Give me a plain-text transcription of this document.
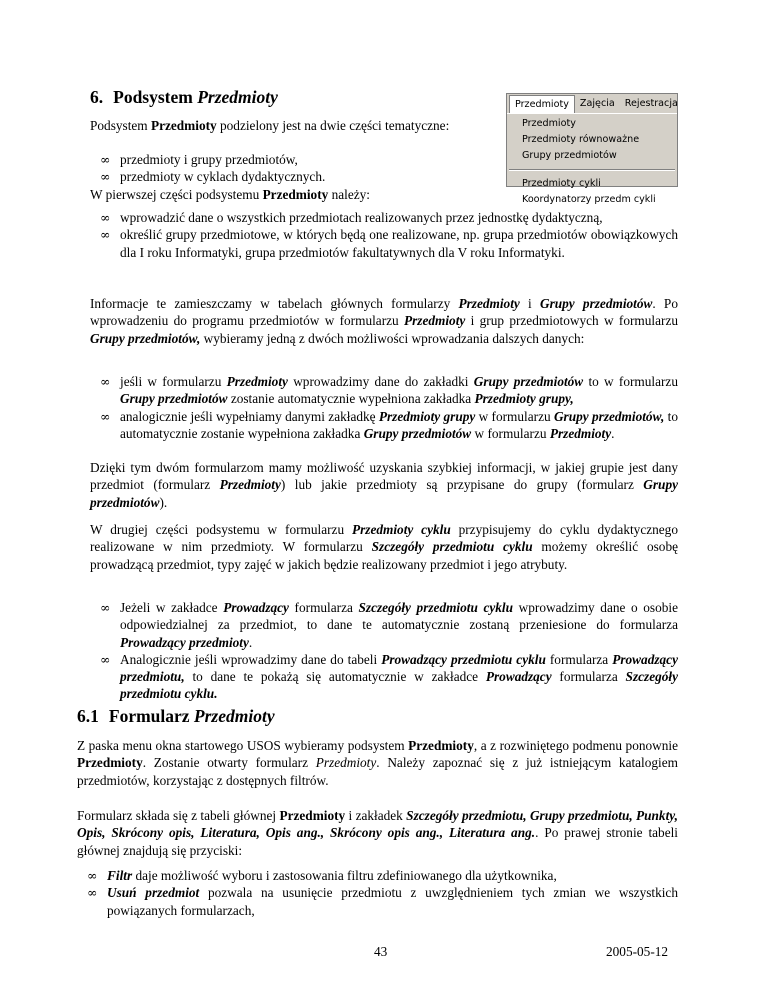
6. Podsystem Przedmioty	Przedmioty	Zajęcia	Rejestracja
Przedmioty
Przedmioty równoważne
Grupy przedmiotów
Przedmioty cykli
Koordynatorzy przedm cykli
Podsystem Przedmioty podzielony jest na dwie części tematyczne:
∞ przedmioty i grupy przedmiotów,
∞ przedmioty w cyklach dydaktycznych.
W pierwszej części podsystemu Przedmioty należy:
∞ wprowadzić dane o wszystkich przedmiotach realizowanych przez jednostkę dydaktyczną,
∞ określić grupy przedmiotowe, w których będą one realizowane, np. grupa przedmiotów obowiązkowych dla I roku Informatyki, grupa przedmiotów fakultatywnych dla V roku Informatyki.
Informacje te zamieszczamy w tabelach głównych formularzy Przedmioty i Grupy przedmiotów. Po wprowadzeniu do programu przedmiotów w formularzu Przedmioty i grup przedmiotowych w formularzu Grupy przedmiotów, wybieramy jedną z dwóch możliwości wprowadzania dalszych danych:
∞ jeśli w formularzu Przedmioty wprowadzimy dane do zakładki Grupy przedmiotów to w formularzu Grupy przedmiotów zostanie automatycznie wypełniona zakładka Przedmioty grupy,
∞ analogicznie jeśli wypełniamy danymi zakładkę Przedmioty grupy w formularzu Grupy przedmiotów, to automatycznie zostanie wypełniona zakładka Grupy przedmiotów w formularzu Przedmioty.
Dzięki tym dwóm formularzom mamy możliwość uzyskania szybkiej informacji, w jakiej grupie jest dany przedmiot (formularz Przedmioty) lub jakie przedmioty są przypisane do grupy (formularz Grupy przedmiotów).
W drugiej części podsystemu w formularzu Przedmioty cyklu przypisujemy do cyklu dydaktycznego realizowane w nim przedmioty. W formularzu Szczegóły przedmiotu cyklu możemy określić osobę prowadzącą przedmiot, typy zajęć w jakich będzie realizowany przedmiot i jego atrybuty.
∞ Jeżeli w zakładce Prowadzący formularza Szczegóły przedmiotu cyklu wprowadzimy dane o osobie odpowiedzialnej za przedmiot, to dane te automatycznie zostaną przeniesione do formularza Prowadzący przedmioty.
∞ Analogicznie jeśli wprowadzimy dane do tabeli Prowadzący przedmiotu cyklu formularza Prowadzący przedmiotu, to dane te pokażą się automatycznie w zakładce Prowadzący formularza Szczegóły przedmiotu cyklu.
6.1 Formularz Przedmioty
Z paska menu okna startowego USOS wybieramy podsystem Przedmioty, a z rozwiniętego podmenu ponownie Przedmioty. Zostanie otwarty formularz Przedmioty. Należy zapoznać się z już istniejącym katalogiem przedmiotów, korzystając z dostępnych filtrów.
Formularz składa się z tabeli głównej Przedmioty i zakładek Szczegóły przedmiotu, Grupy przedmiotu, Punkty, Opis, Skrócony opis, Literatura, Opis ang., Skrócony opis ang., Literatura ang.. Po prawej stronie tabeli głównej znajdują się przyciski:
∞ Filtr daje możliwość wyboru i zastosowania filtru zdefiniowanego dla użytkownika,
∞ Usuń przedmiot pozwala na usunięcie przedmiotu z uwzględnieniem tych zmian we wszystkich powiązanych formularzach,
43	2005-05-12
